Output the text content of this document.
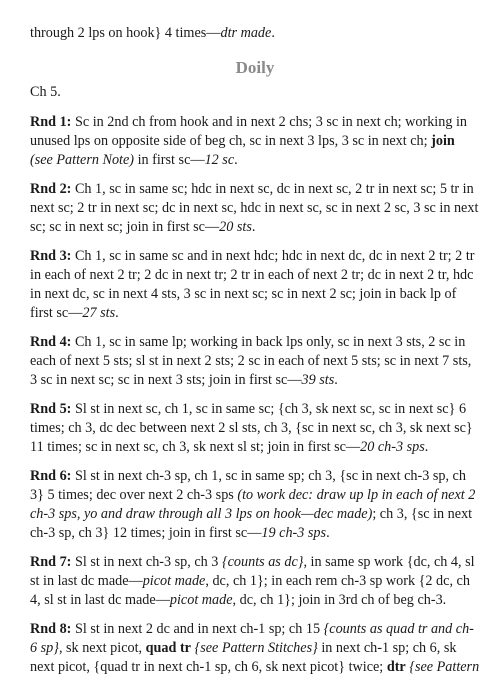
through 2 lps on hook} 4 times—dtr made.

Doily

Ch 5.

Rnd 1: Sc in 2nd ch from hook and in next 2 chs; 3 sc in next ch; working in unused lps on opposite side of beg ch, sc in next 3 lps, 3 sc in next ch; join (see Pattern Note) in first sc—12 sc.

Rnd 2: Ch 1, sc in same sc; hdc in next sc, dc in next sc, 2 tr in next sc; 5 tr in next sc; 2 tr in next sc; dc in next sc, hdc in next sc, sc in next 2 sc, 3 sc in next sc; sc in next sc; join in first sc—20 sts.

Rnd 3: Ch 1, sc in same sc and in next hdc; hdc in next dc, dc in next 2 tr; 2 tr in each of next 2 tr; 2 dc in next tr; 2 tr in each of next 2 tr; dc in next 2 tr, hdc in next dc, sc in next 4 sts, 3 sc in next sc; sc in next 2 sc; join in back lp of first sc—27 sts.

Rnd 4: Ch 1, sc in same lp; working in back lps only, sc in next 3 sts, 2 sc in each of next 5 sts; sl st in next 2 sts; 2 sc in each of next 5 sts; sc in next 7 sts, 3 sc in next sc; sc in next 3 sts; join in first sc—39 sts.

Rnd 5: Sl st in next sc, ch 1, sc in same sc; {ch 3, sk next sc, sc in next sc} 6 times; ch 3, dc dec between next 2 sl sts, ch 3, {sc in next sc, ch 3, sk next sc} 11 times; sc in next sc, ch 3, sk next sl st; join in first sc—20 ch-3 sps.

Rnd 6: Sl st in next ch-3 sp, ch 1, sc in same sp; ch 3, {sc in next ch-3 sp, ch 3} 5 times; dec over next 2 ch-3 sps (to work dec: draw up lp in each of next 2 ch-3 sps, yo and draw through all 3 lps on hook—dec made); ch 3, {sc in next ch-3 sp, ch 3} 12 times; join in first sc—19 ch-3 sps.

Rnd 7: Sl st in next ch-3 sp, ch 3 {counts as dc}, in same sp work {dc, ch 4, sl st in last dc made—picot made, dc, ch 1}; in each rem ch-3 sp work {2 dc, ch 4, sl st in last dc made—picot made, dc, ch 1}; join in 3rd ch of beg ch-3.

Rnd 8: Sl st in next 2 dc and in next ch-1 sp; ch 15 {counts as quad tr and ch-6 sp}, sk next picot, quad tr {see Pattern Stitches} in next ch-1 sp; ch 6, sk next picot, {quad tr in next ch-1 sp, ch 6, sk next picot} twice; dtr {see Pattern
